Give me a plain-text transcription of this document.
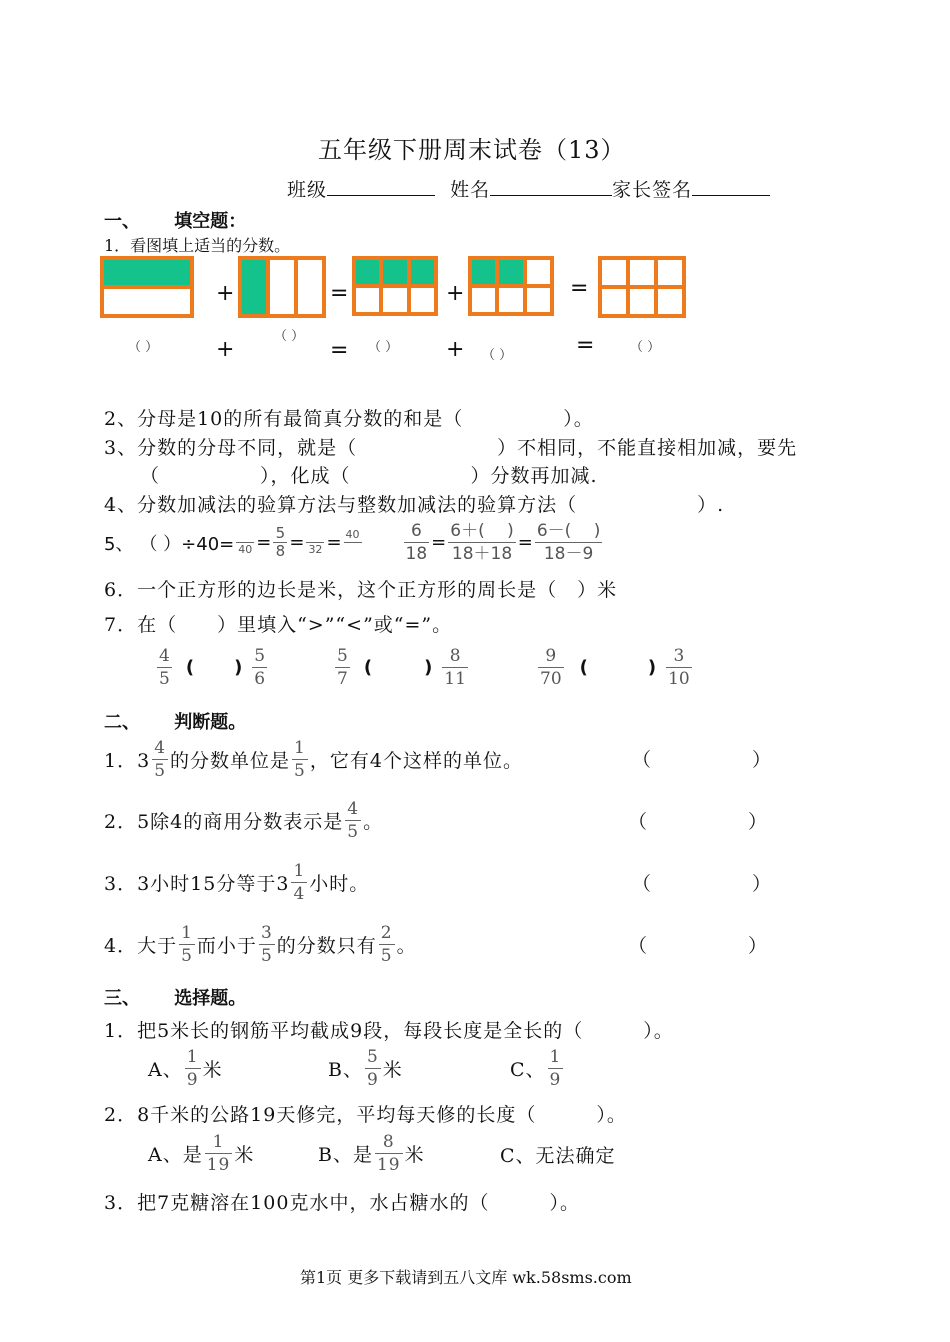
五年级下册周末试卷（13）
班级	姓名	家长签名
一、 填空题：
1．看图填上适当的分数。
+	=	+	=
（ ）	+
（ ）
= （ ） + （ ）	=	（ ）
2、分母是10的所有最简真分数的和是（　　　　　）。
3、分数的分母不同，就是（　　　　　　　）不相同，不能直接相加减，要先
（　　　　　），化成（　　　　　　）分数再加减.
4、分数加减法的验算方法与整数加减法的验算方法（　　　　　　）.
5、 （ ）÷40=
　 $40 = \frac{5}{8}$ =
　 32 = 40
　	$\frac{6}{18} = \frac{6+( )}{18+18} = \frac{6-( )}{18-9}$
6．一个正方形的边长是米，这个正方形的周长是（　）米
7．在（　　）里填入“>”“<”或“=”。
$\frac{4}{5}$ ( ) $\frac{5}{6}$	$\frac{5}{7}$ (	) $\frac{8}{11}$	$\frac{9}{70}$ (	) $\frac{3}{10}$
二、 判断题。
1．$3 \frac{4}{5}$ 的分数单位是 $\frac{1}{5}$ ，它有4个这样的单位。	（　　　　　）
2．5除4的商用分数表示是 $\frac{4}{5}$ 。	（　　　　　）
3．3小时15分等于$3 \frac{1}{4}$ 小时。	（　　　　　）
4．大于 $\frac{1}{5}$ 而小于 $\frac{3}{5}$ 的分数只有 $\frac{2}{5}$ 。	（　　　　　）
三、 选择题。
1．把5米长的钢筋平均截成9段，每段长度是全长的（　　　）。
A、 $\frac{1}{9}$ 米	B、 $\frac{5}{9}$ 米	C、 $\frac{1}{9}$
2．8千米的公路19天修完，平均每天修的长度（　　　）。
A、是 $\frac{1}{19}$ 米	B、是 $\frac{8}{19}$ 米	C、无法确定
3．把7克糖溶在100克水中，水占糖水的（　　　）。
第1页 更多下载请到五八文库 wk.58sms.com
